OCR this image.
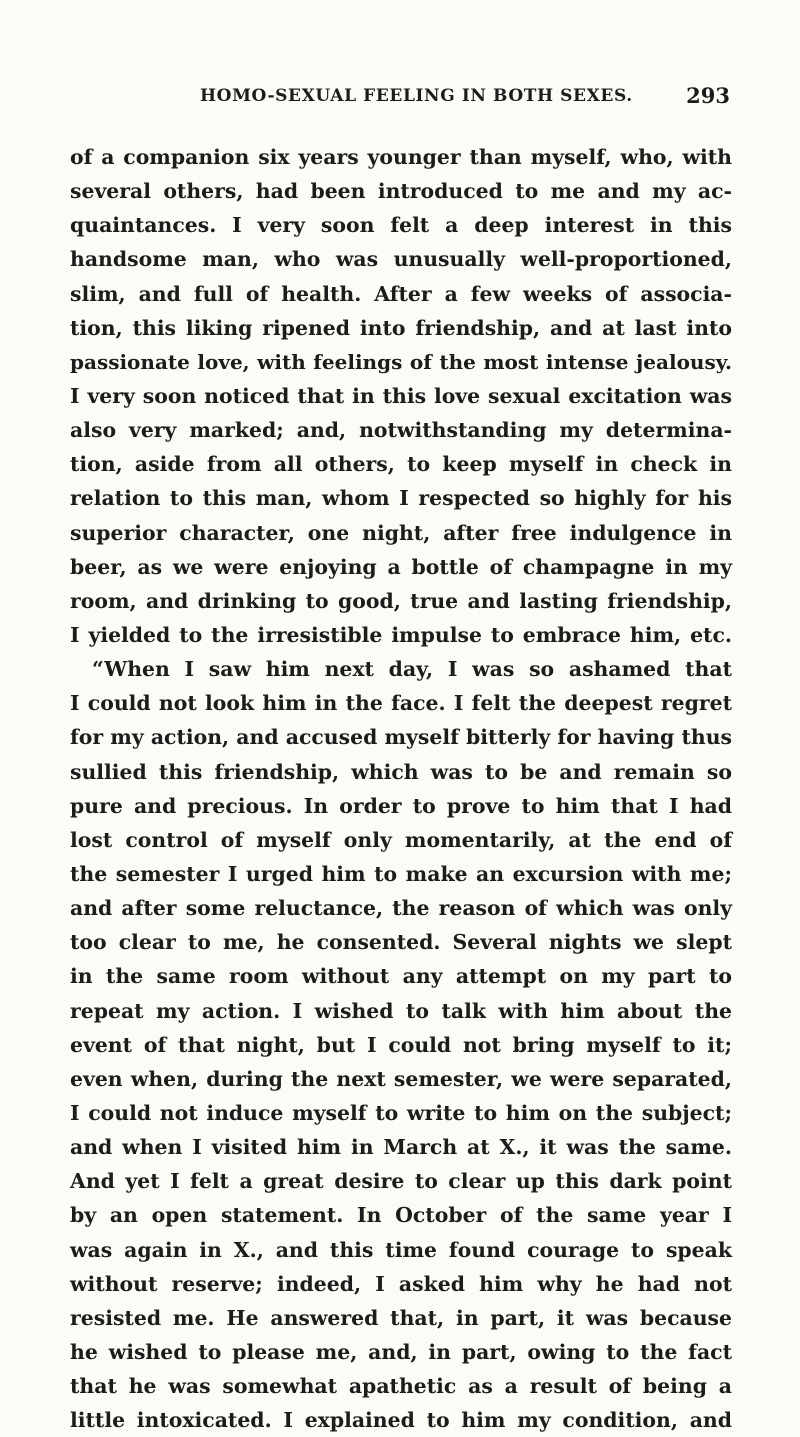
HOMO-SEXUAL FEELING IN BOTH SEXES.	293
of a companion six years younger than myself, who, with
several others, had been introduced to me and my ac-
quaintances. I very soon felt a deep interest in this
handsome man, who was unusually well-proportioned,
slim, and full of health. After a few weeks of associa-
tion, this liking ripened into friendship, and at last into
passionate love, with feelings of the most intense jealousy.
I very soon noticed that in this love sexual excitation was
also very marked; and, notwithstanding my determina-
tion, aside from all others, to keep myself in check in
relation to this man, whom I respected so highly for his
superior character, one night, after free indulgence in
beer, as we were enjoying a bottle of champagne in my
room, and drinking to good, true and lasting friendship,
I yielded to the irresistible impulse to embrace him, etc.
“When I saw him next day, I was so ashamed that
I could not look him in the face. I felt the deepest regret
for my action, and accused myself bitterly for having thus
sullied this friendship, which was to be and remain so
pure and precious. In order to prove to him that I had
lost control of myself only momentarily, at the end of
the semester I urged him to make an excursion with me;
and after some reluctance, the reason of which was only
too clear to me, he consented. Several nights we slept
in the same room without any attempt on my part to
repeat my action. I wished to talk with him about the
event of that night, but I could not bring myself to it;
even when, during the next semester, we were separated,
I could not induce myself to write to him on the subject;
and when I visited him in March at X., it was the same.
And yet I felt a great desire to clear up this dark point
by an open statement. In October of the same year I
was again in X., and this time found courage to speak
without reserve; indeed, I asked him why he had not
resisted me. He answered that, in part, it was because
he wished to please me, and, in part, owing to the fact
that he was somewhat apathetic as a result of being a
little intoxicated. I explained to him my condition, and
